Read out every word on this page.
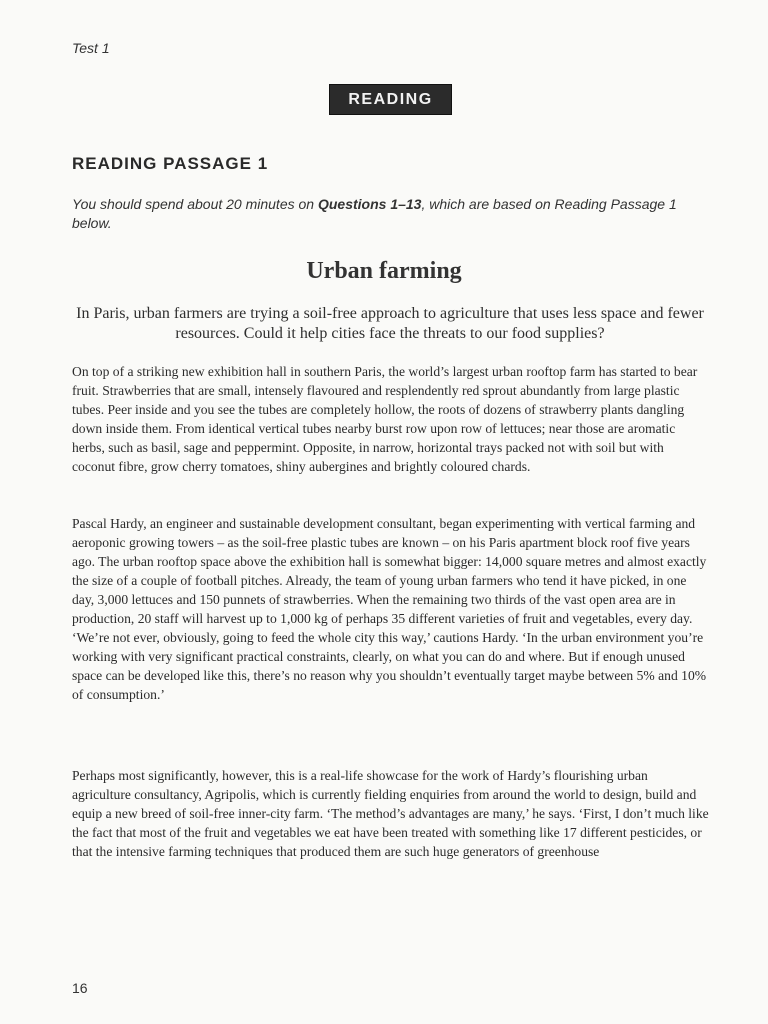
Test 1
READING
READING PASSAGE 1
You should spend about 20 minutes on Questions 1–13, which are based on Reading Passage 1 below.
Urban farming
In Paris, urban farmers are trying a soil-free approach to agriculture that uses less space and fewer resources. Could it help cities face the threats to our food supplies?

On top of a striking new exhibition hall in southern Paris, the world’s largest urban rooftop farm has started to bear fruit. Strawberries that are small, intensely flavoured and resplendently red sprout abundantly from large plastic tubes. Peer inside and you see the tubes are completely hollow, the roots of dozens of strawberry plants dangling down inside them. From identical vertical tubes nearby burst row upon row of lettuces; near those are aromatic herbs, such as basil, sage and peppermint. Opposite, in narrow, horizontal trays packed not with soil but with coconut fibre, grow cherry tomatoes, shiny aubergines and brightly coloured chards.

Pascal Hardy, an engineer and sustainable development consultant, began experimenting with vertical farming and aeroponic growing towers – as the soil-free plastic tubes are known – on his Paris apartment block roof five years ago. The urban rooftop space above the exhibition hall is somewhat bigger: 14,000 square metres and almost exactly the size of a couple of football pitches. Already, the team of young urban farmers who tend it have picked, in one day, 3,000 lettuces and 150 punnets of strawberries. When the remaining two thirds of the vast open area are in production, 20 staff will harvest up to 1,000 kg of perhaps 35 different varieties of fruit and vegetables, every day. ‘We’re not ever, obviously, going to feed the whole city this way,’ cautions Hardy. ‘In the urban environment you’re working with very significant practical constraints, clearly, on what you can do and where. But if enough unused space can be developed like this, there’s no reason why you shouldn’t eventually target maybe between 5% and 10% of consumption.’

Perhaps most significantly, however, this is a real-life showcase for the work of Hardy’s flourishing urban agriculture consultancy, Agripolis, which is currently fielding enquiries from around the world to design, build and equip a new breed of soil-free inner-city farm. ‘The method’s advantages are many,’ he says. ‘First, I don’t much like the fact that most of the fruit and vegetables we eat have been treated with something like 17 different pesticides, or that the intensive farming techniques that produced them are such huge generators of greenhouse

16
